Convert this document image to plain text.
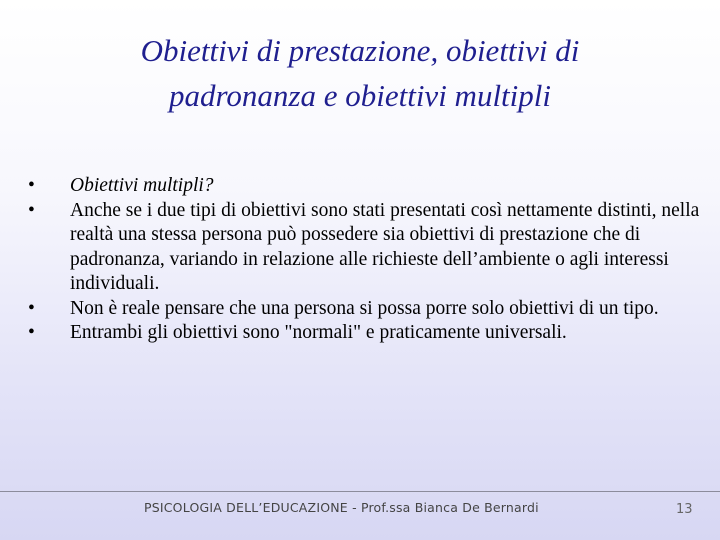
Obiettivi di prestazione, obiettivi di
padronanza e obiettivi multipli
•	Obiettivi multipli?
•	Anche se i due tipi di obiettivi sono stati presentati così nettamente distinti, nella realtà una stessa persona può possedere sia obiettivi di prestazione che di padronanza, variando in relazione alle richieste dell’ambiente o agli interessi individuali.
•	Non è reale pensare che una persona si possa porre solo obiettivi di un tipo.
•	Entrambi gli obiettivi sono "normali" e praticamente universali.
PSICOLOGIA DELL’EDUCAZIONE - Prof.ssa Bianca De Bernardi	13
